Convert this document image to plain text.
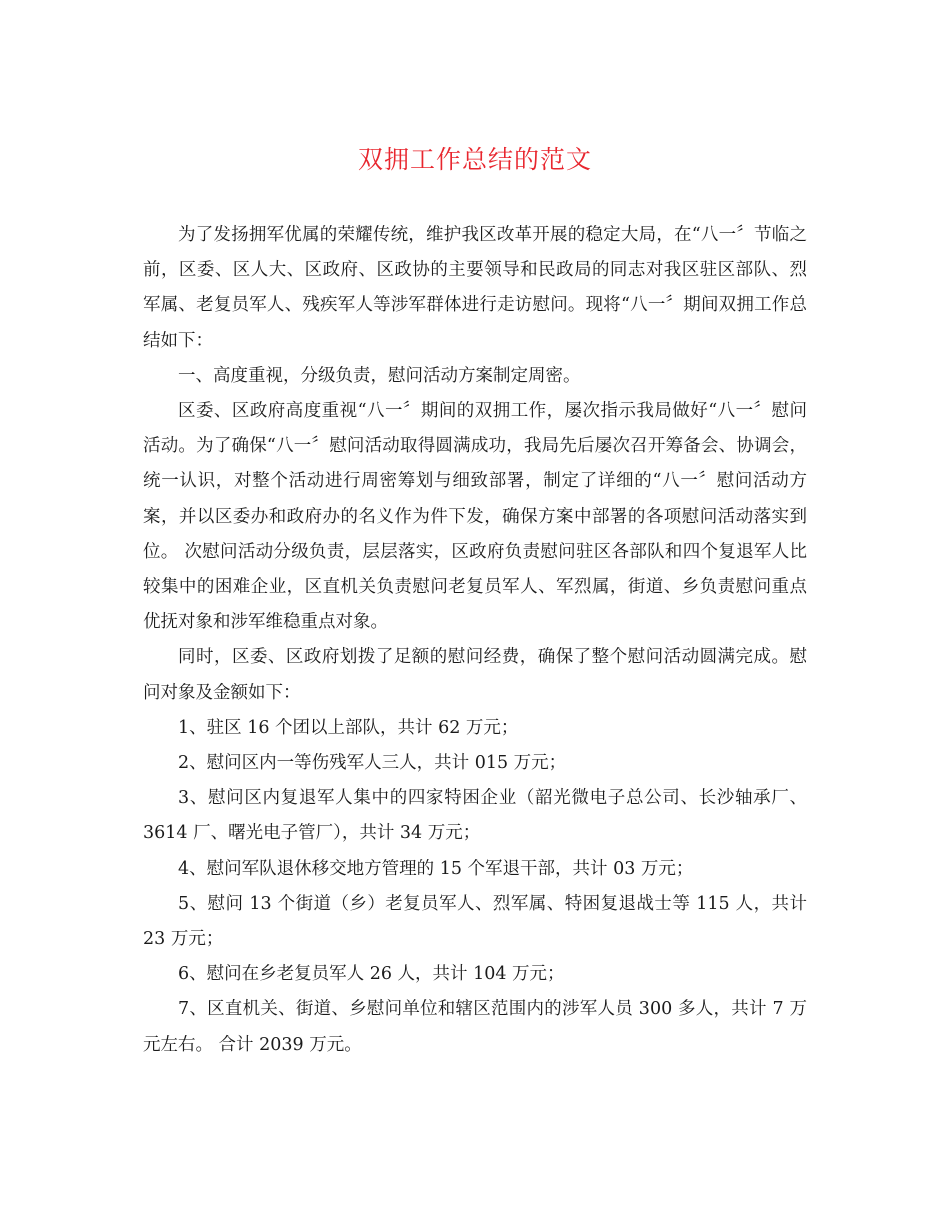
双拥工作总结的范文

为了发扬拥军优属的荣耀传统，维护我区改革开展的稳定大局，在“八一〞节临之前，区委、区人大、区政府、区政协的主要领导和民政局的同志对我区驻区部队、烈军属、老复员军人、残疾军人等涉军群体进行走访慰问。现将“八一〞期间双拥工作总结如下：

一、高度重视，分级负责，慰问活动方案制定周密。

区委、区政府高度重视“八一〞期间的双拥工作，屡次指示我局做好“八一〞慰问活动。为了确保“八一〞慰问活动取得圆满成功，我局先后屡次召开筹备会、协调会，统一认识，对整个活动进行周密筹划与细致部署，制定了详细的“八一〞慰问活动方案，并以区委办和政府办的名义作为件下发，确保方案中部署的各项慰问活动落实到位。 次慰问活动分级负责，层层落实，区政府负责慰问驻区各部队和四个复退军人比较集中的困难企业，区直机关负责慰问老复员军人、军烈属，街道、乡负责慰问重点优抚对象和涉军维稳重点对象。

同时，区委、区政府划拨了足额的慰问经费，确保了整个慰问活动圆满完成。慰问对象及金额如下：

1、驻区 16 个团以上部队，共计 62 万元；

2、慰问区内一等伤残军人三人，共计 015 万元；

3、慰问区内复退军人集中的四家特困企业（韶光微电子总公司、长沙轴承厂、3614 厂、曙光电子管厂），共计 34 万元；

4、慰问军队退休移交地方管理的 15 个军退干部，共计 03 万元；

5、慰问 13 个街道（乡）老复员军人、烈军属、特困复退战士等 115 人，共计 23 万元；

6、慰问在乡老复员军人 26 人，共计 104 万元；

7、区直机关、街道、乡慰问单位和辖区范围内的涉军人员 300 多人，共计 7 万元左右。 合计 2039 万元。
